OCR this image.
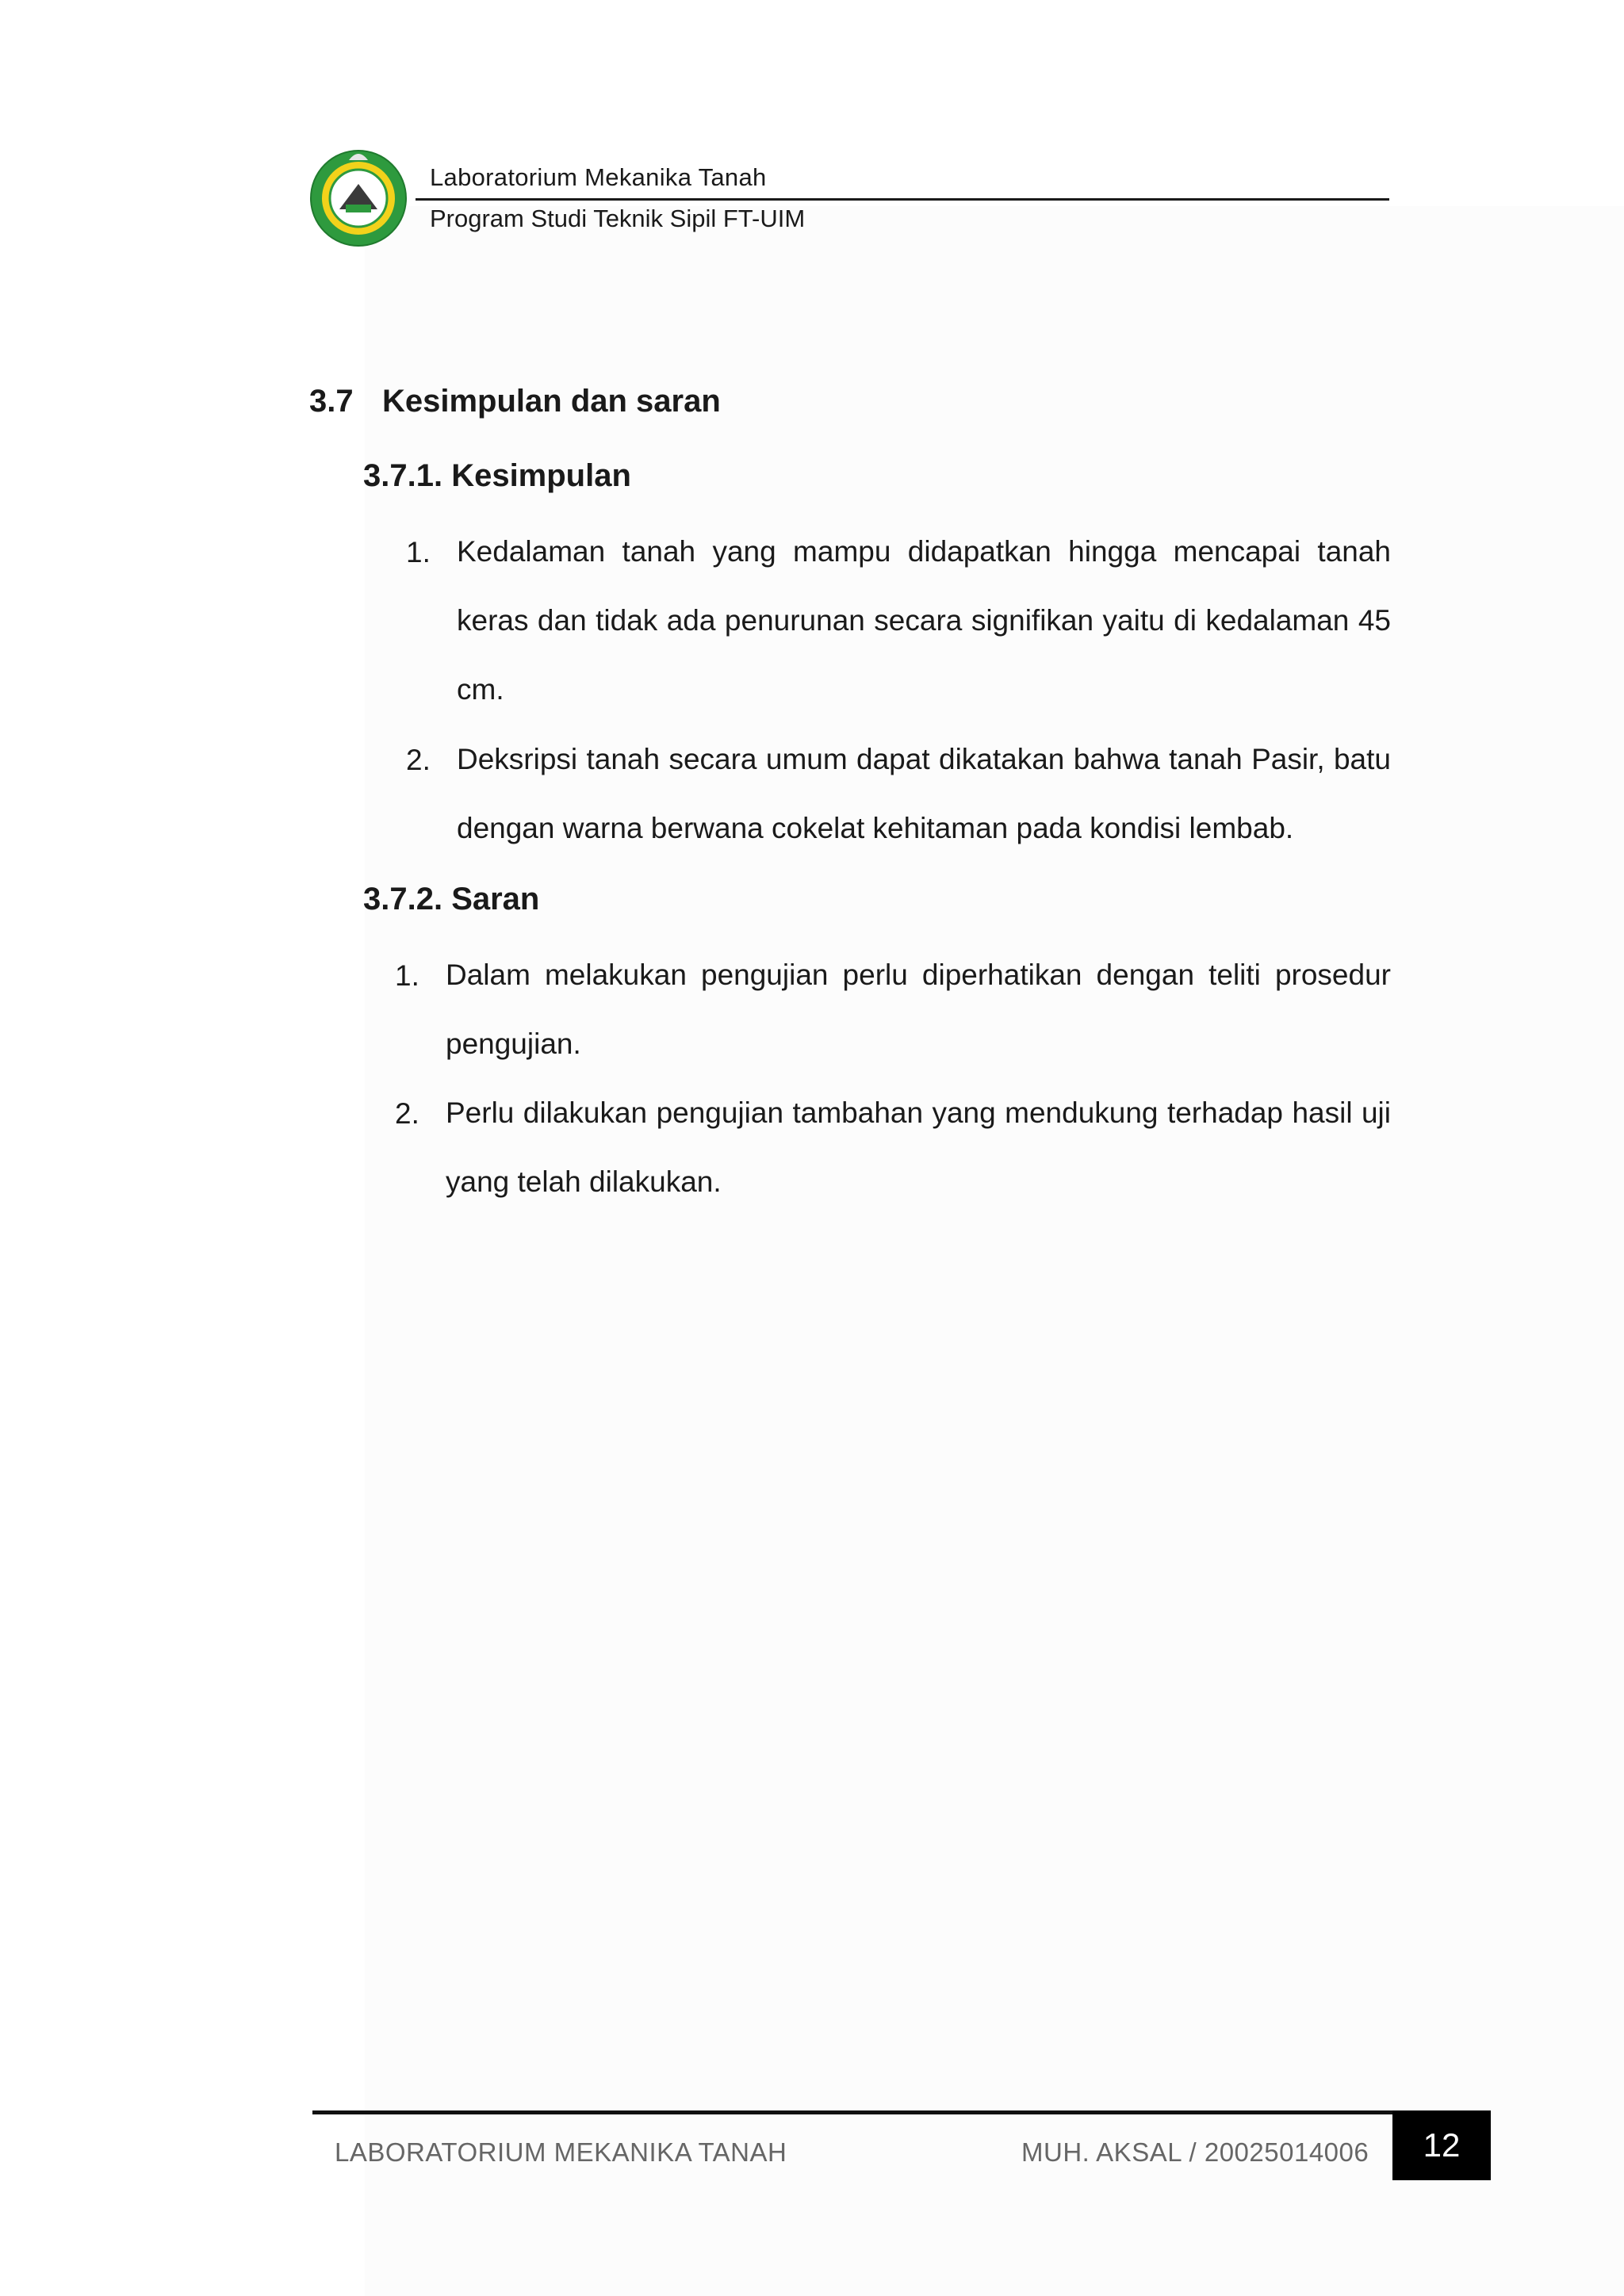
Laboratorium Mekanika Tanah
Program Studi Teknik Sipil FT-UIM
3.7 Kesimpulan dan saran
3.7.1. Kesimpulan
1. Kedalaman tanah yang mampu didapatkan hingga mencapai tanah
keras dan tidak ada penurunan secara signifikan yaitu di kedalaman 45 cm.
2. Deksripsi tanah secara umum dapat dikatakan bahwa tanah Pasir, batu
dengan warna berwana cokelat kehitaman pada kondisi lembab.
3.7.2. Saran
1. Dalam melakukan pengujian perlu diperhatikan dengan teliti prosedur
pengujian.
2. Perlu dilakukan pengujian tambahan yang mendukung terhadap hasil uji
yang telah dilakukan.
LABORATORIUM MEKANIKA TANAH	MUH. AKSAL / 20025014006	12
